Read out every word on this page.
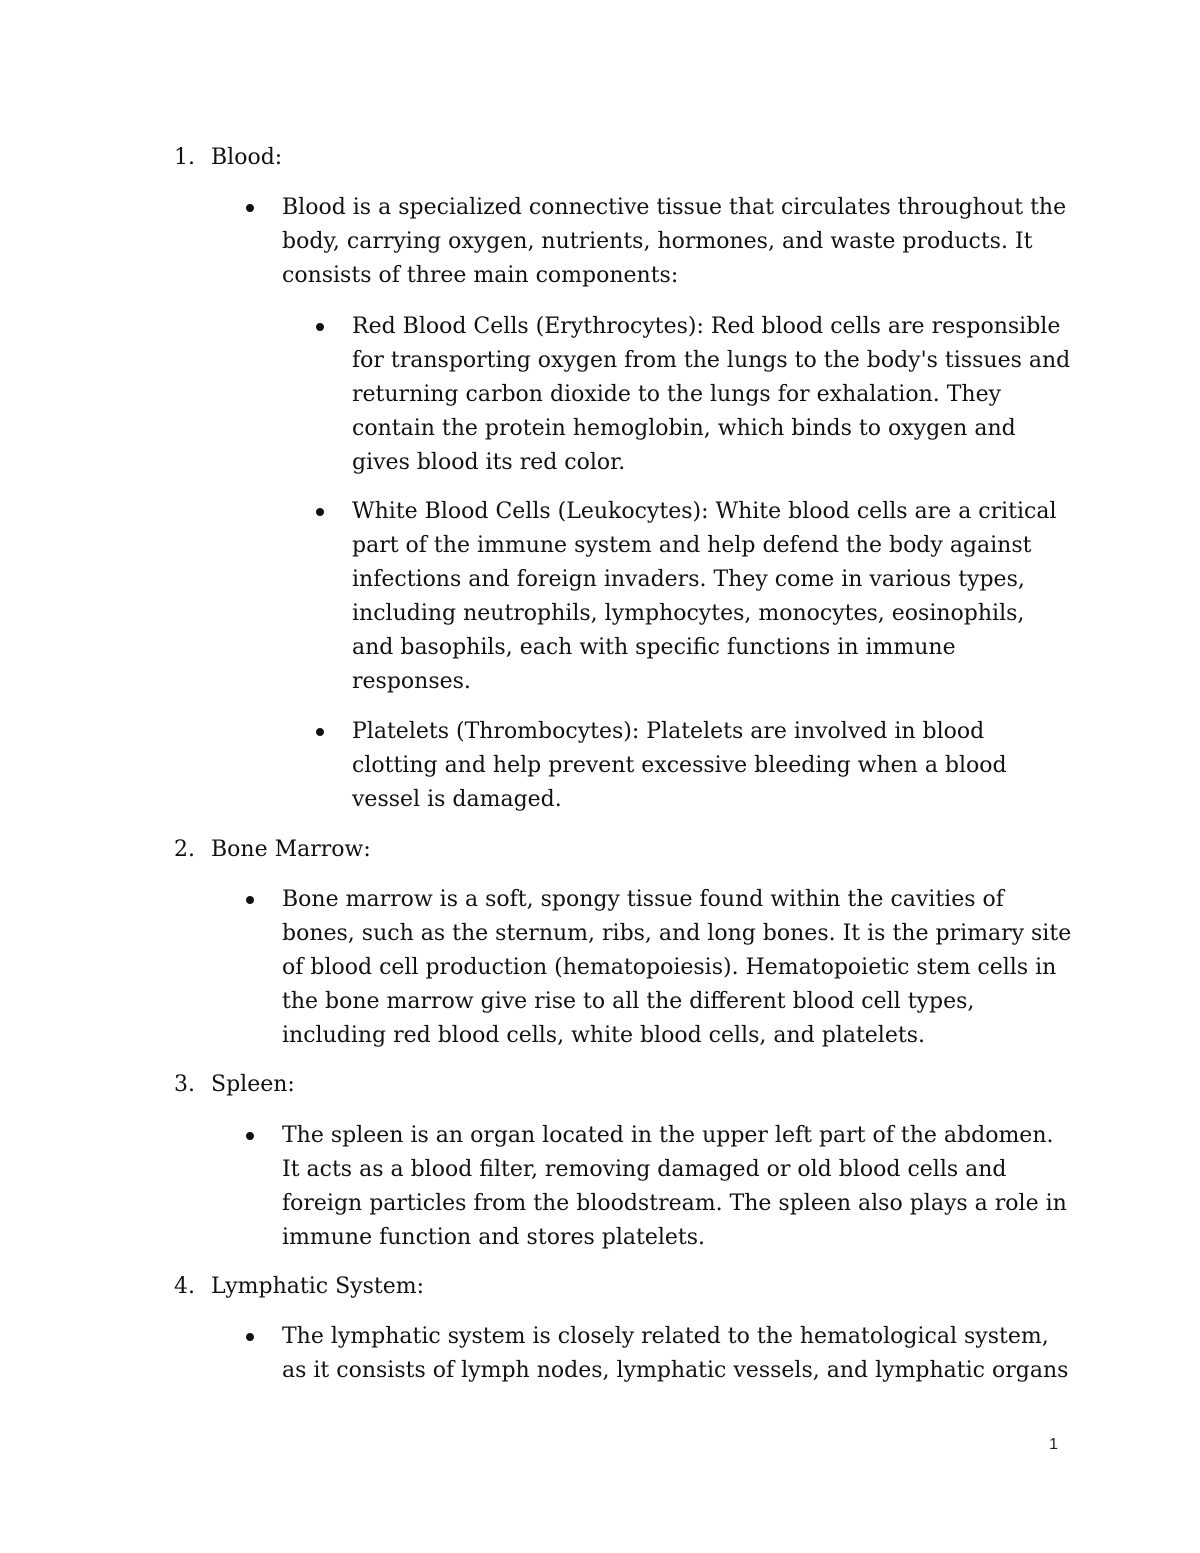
1. Blood:
Blood is a specialized connective tissue that circulates throughout the body, carrying oxygen, nutrients, hormones, and waste products. It consists of three main components:
Red Blood Cells (Erythrocytes): Red blood cells are responsible for transporting oxygen from the lungs to the body's tissues and returning carbon dioxide to the lungs for exhalation. They contain the protein hemoglobin, which binds to oxygen and gives blood its red color.
White Blood Cells (Leukocytes): White blood cells are a critical part of the immune system and help defend the body against infections and foreign invaders. They come in various types, including neutrophils, lymphocytes, monocytes, eosinophils, and basophils, each with specific functions in immune responses.
Platelets (Thrombocytes): Platelets are involved in blood clotting and help prevent excessive bleeding when a blood vessel is damaged.
2. Bone Marrow:
Bone marrow is a soft, spongy tissue found within the cavities of bones, such as the sternum, ribs, and long bones. It is the primary site of blood cell production (hematopoiesis). Hematopoietic stem cells in the bone marrow give rise to all the different blood cell types, including red blood cells, white blood cells, and platelets.
3. Spleen:
The spleen is an organ located in the upper left part of the abdomen. It acts as a blood filter, removing damaged or old blood cells and foreign particles from the bloodstream. The spleen also plays a role in immune function and stores platelets.
4. Lymphatic System:
The lymphatic system is closely related to the hematological system, as it consists of lymph nodes, lymphatic vessels, and lymphatic organs
1
